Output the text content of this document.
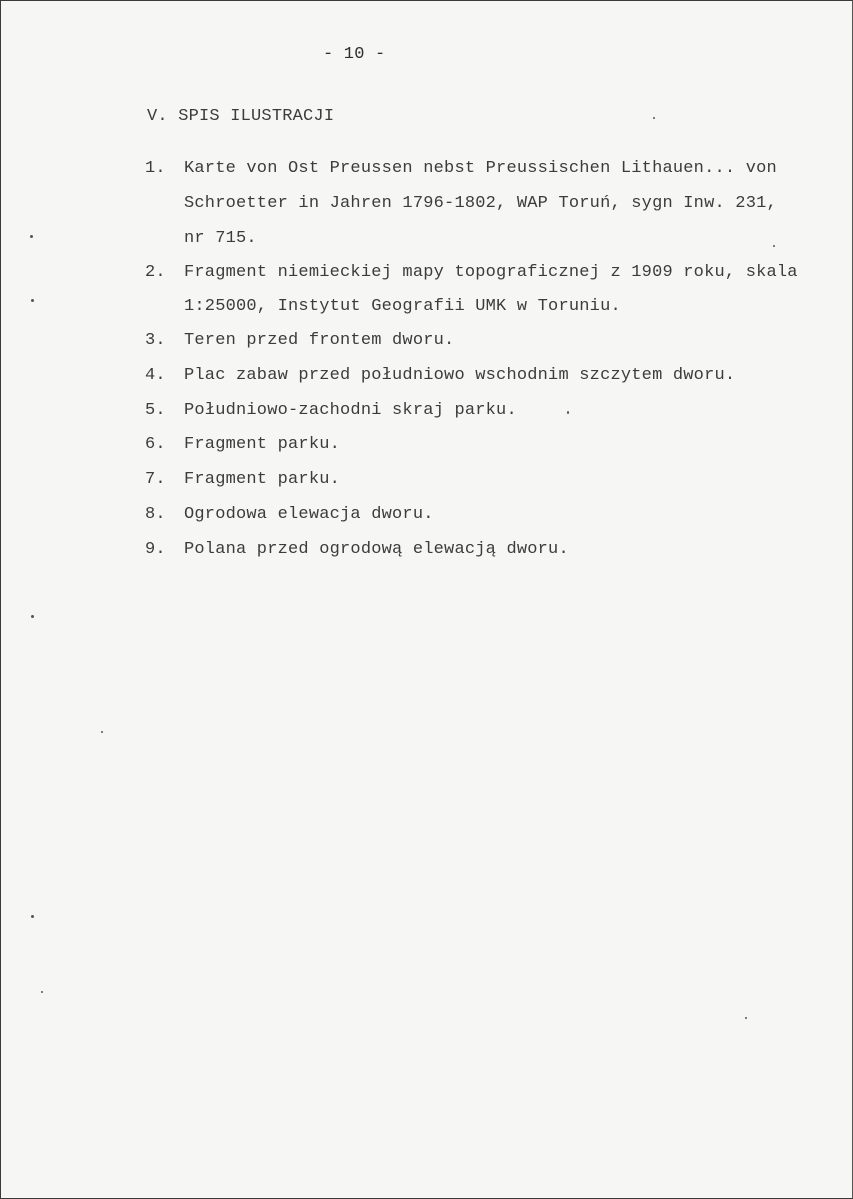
- 10 -
V. SPIS ILUSTRACJI
1. Karte von Ost Preussen nebst Preussischen Lithauen... von
Schroetter in Jahren 1796-1802, WAP Toruń, sygn Inw. 231,
nr 715.
2. Fragment niemieckiej mapy topograficznej z 1909 roku, skala
1:25000, Instytut Geografii UMK w Toruniu.
3. Teren przed frontem dworu.
4. Plac zabaw przed południowo wschodnim szczytem dworu.
5. Południowo-zachodni skraj parku.
6. Fragment parku.
7. Fragment parku.
8. Ogrodowa elewacja dworu.
9. Polana przed ogrodową elewacją dworu.
